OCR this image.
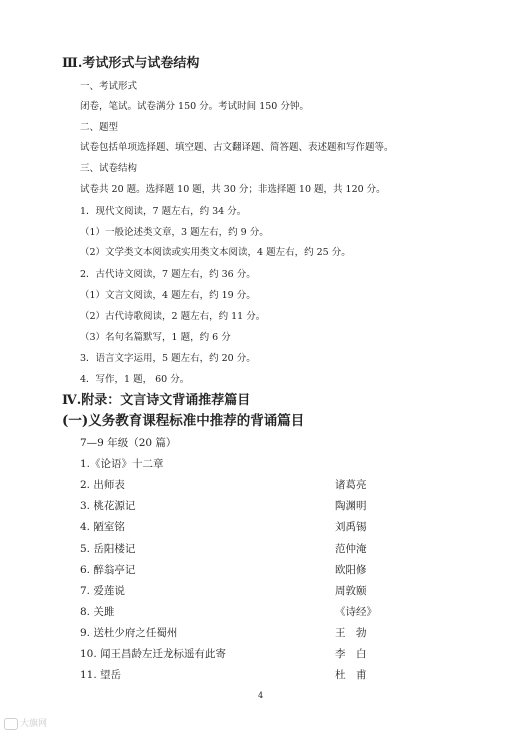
Ⅲ.考试形式与试卷结构
一、考试形式
闭卷，笔试。试卷满分 150 分。考试时间 150 分钟。
二、题型
试卷包括单项选择题、填空题、古文翻译题、简答题、表述题和写作题等。
三、试卷结构
试卷共 20 题。选择题 10 题，共 30 分；非选择题 10 题，共 120 分。
1．现代文阅读，7 题左右，约 34 分。
（1）一般论述类文章，3 题左右，约 9 分。
（2）文学类文本阅读或实用类文本阅读，4 题左右，约 25 分。
2．古代诗文阅读，7 题左右，约 36 分。
（1）文言文阅读，4 题左右，约 19 分。
（2）古代诗歌阅读，2 题左右，约 11 分。
（3）名句名篇默写，1 题，约 6 分
3．语言文字运用，5 题左右，约 20 分。
4．写作，1 题， 60 分。
Ⅳ.附录：文言诗文背诵推荐篇目
(一)义务教育课程标准中推荐的背诵篇目
7—9 年级（20 篇）
1.《论语》十二章
2. 出师表	诸葛亮
3. 桃花源记	陶渊明
4. 陋室铭	刘禹锡
5. 岳阳楼记	范仲淹
6. 醉翁亭记	欧阳修
7. 爱莲说	周敦颐
8. 关雎	《诗经》
9. 送杜少府之任蜀州	王　勃
10. 闻王昌龄左迁龙标遥有此寄	李　白
11. 望岳	杜　甫
4
大旗网
